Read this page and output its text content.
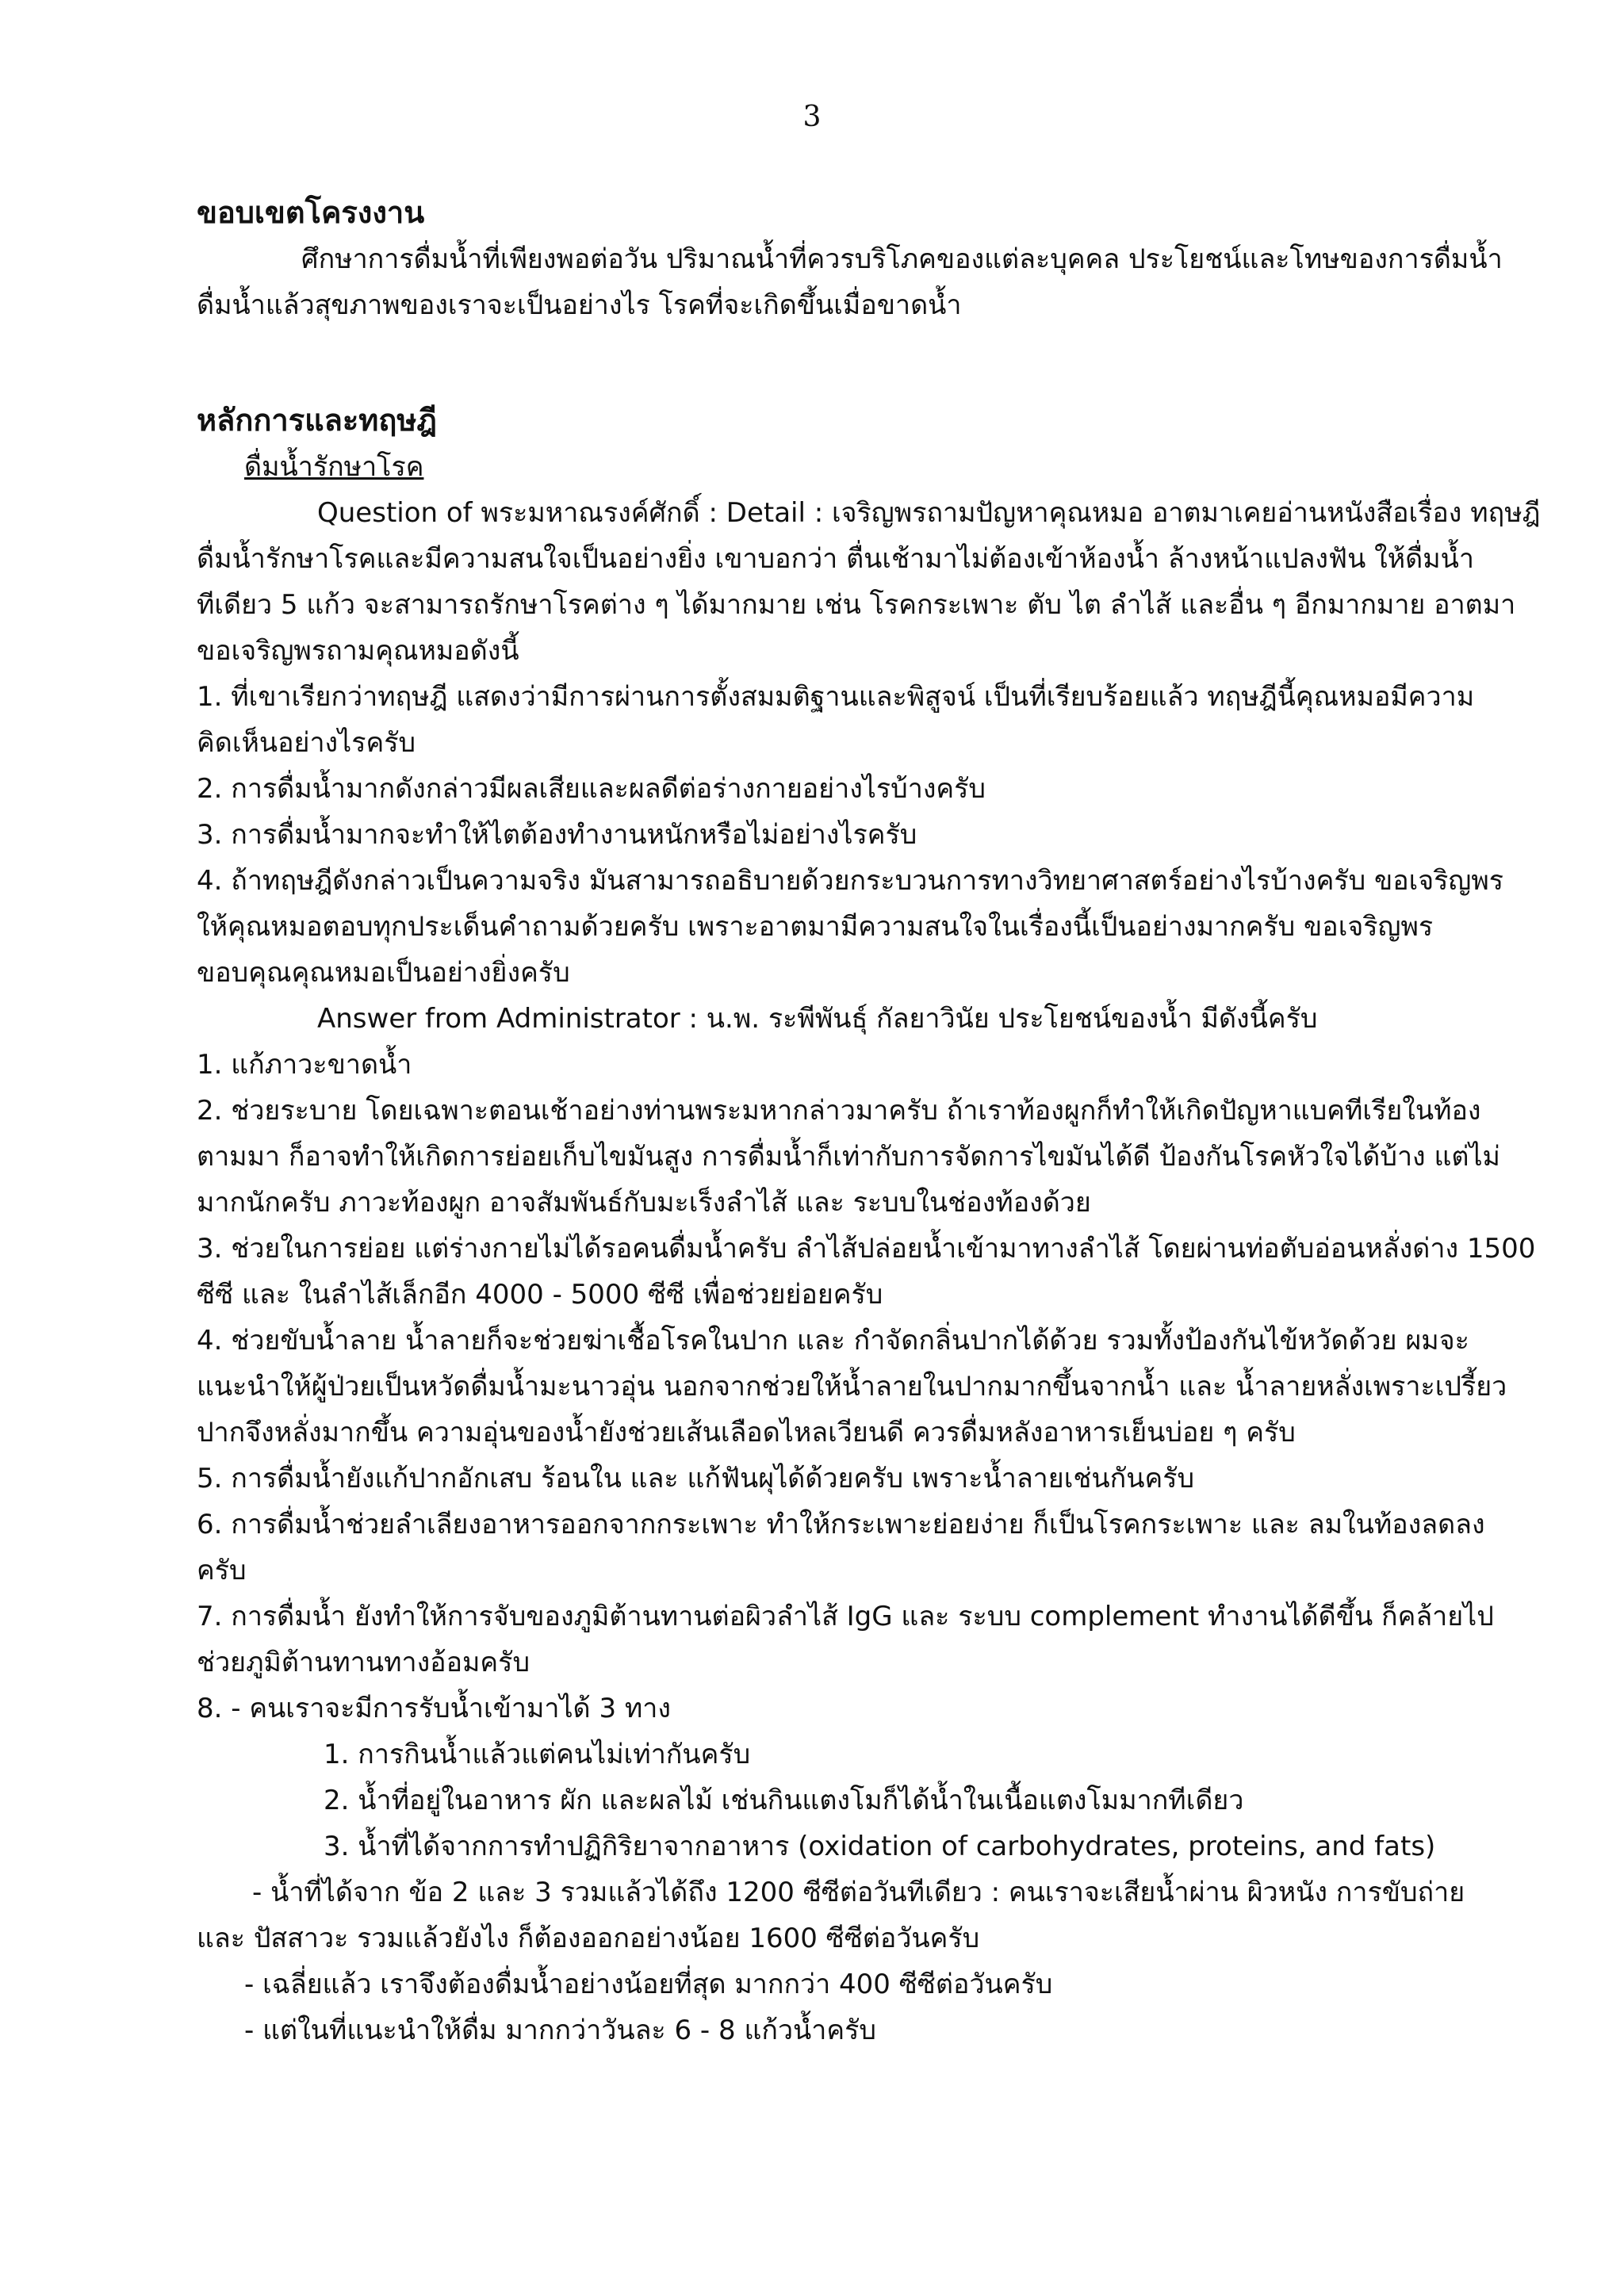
3

ขอบเขตโครงงาน

ศึกษาการดื่มน้ำที่เพียงพอต่อวัน ปริมาณน้ำที่ควรบริโภคของแต่ละบุคคล ประโยชน์และโทษของการดื่มน้ำ

ดื่มน้ำแล้วสุขภาพของเราจะเป็นอย่างไร โรคที่จะเกิดขึ้นเมื่อขาดน้ำ

หลักการและทฤษฎี

ดื่มน้ำรักษาโรค

Question of พระมหาณรงค์ศักดิ์ : Detail : เจริญพรถามปัญหาคุณหมอ อาตมาเคยอ่านหนังสือเรื่อง ทฤษฎี

ดื่มน้ำรักษาโรคและมีความสนใจเป็นอย่างยิ่ง เขาบอกว่า ตื่นเช้ามาไม่ต้องเข้าห้องน้ำ ล้างหน้าแปลงฟัน ให้ดื่มน้ำ

ทีเดียว 5 แก้ว จะสามารถรักษาโรคต่าง ๆ ได้มากมาย เช่น โรคกระเพาะ ตับ ไต ลำไส้ และอื่น ๆ อีกมากมาย อาตมา

ขอเจริญพรถามคุณหมอดังนี้

1. ที่เขาเรียกว่าทฤษฎี แสดงว่ามีการผ่านการตั้งสมมติฐานและพิสูจน์ เป็นที่เรียบร้อยแล้ว ทฤษฎีนี้คุณหมอมีความ

คิดเห็นอย่างไรครับ

2. การดื่มน้ำมากดังกล่าวมีผลเสียและผลดีต่อร่างกายอย่างไรบ้างครับ

3. การดื่มน้ำมากจะทำให้ไตต้องทำงานหนักหรือไม่อย่างไรครับ

4. ถ้าทฤษฎีดังกล่าวเป็นความจริง มันสามารถอธิบายด้วยกระบวนการทางวิทยาศาสตร์อย่างไรบ้างครับ ขอเจริญพร

ให้คุณหมอตอบทุกประเด็นคำถามด้วยครับ เพราะอาตมามีความสนใจในเรื่องนี้เป็นอย่างมากครับ ขอเจริญพร

ขอบคุณคุณหมอเป็นอย่างยิ่งครับ

Answer from Administrator : น.พ. ระพีพันธุ์ กัลยาวินัย ประโยชน์ของน้ำ มีดังนี้ครับ

1. แก้ภาวะขาดน้ำ

2. ช่วยระบาย โดยเฉพาะตอนเช้าอย่างท่านพระมหากล่าวมาครับ ถ้าเราท้องผูกก็ทำให้เกิดปัญหาแบคทีเรียในท้อง

ตามมา ก็อาจทำให้เกิดการย่อยเก็บไขมันสูง การดื่มน้ำก็เท่ากับการจัดการไขมันได้ดี ป้องกันโรคหัวใจได้บ้าง แต่ไม่

มากนักครับ ภาวะท้องผูก อาจสัมพันธ์กับมะเร็งลำไส้ และ ระบบในช่องท้องด้วย

3. ช่วยในการย่อย แต่ร่างกายไม่ได้รอคนดื่มน้ำครับ ลำไส้ปล่อยน้ำเข้ามาทางลำไส้ โดยผ่านท่อตับอ่อนหลั่งด่าง 1500

ซีซี และ ในลำไส้เล็กอีก 4000 - 5000 ซีซี เพื่อช่วยย่อยครับ

4. ช่วยขับน้ำลาย น้ำลายก็จะช่วยฆ่าเชื้อโรคในปาก และ กำจัดกลิ่นปากได้ด้วย รวมทั้งป้องกันไข้หวัดด้วย ผมจะ

แนะนำให้ผู้ป่วยเป็นหวัดดื่มน้ำมะนาวอุ่น นอกจากช่วยให้น้ำลายในปากมากขึ้นจากน้ำ และ น้ำลายหลั่งเพราะเปรี้ยว

ปากจึงหลั่งมากขึ้น ความอุ่นของน้ำยังช่วยเส้นเลือดไหลเวียนดี ควรดื่มหลังอาหารเย็นบ่อย ๆ ครับ

5. การดื่มน้ำยังแก้ปากอักเสบ ร้อนใน และ แก้ฟันผุได้ด้วยครับ เพราะน้ำลายเช่นกันครับ

6. การดื่มน้ำช่วยลำเลียงอาหารออกจากกระเพาะ ทำให้กระเพาะย่อยง่าย ก็เป็นโรคกระเพาะ และ ลมในท้องลดลง

ครับ

7. การดื่มน้ำ ยังทำให้การจับของภูมิต้านทานต่อผิวลำไส้ IgG และ ระบบ complement ทำงานได้ดีขึ้น ก็คล้ายไป

ช่วยภูมิต้านทานทางอ้อมครับ

8. - คนเราจะมีการรับน้ำเข้ามาได้ 3 ทาง

1. การกินน้ำแล้วแต่คนไม่เท่ากันครับ

2. น้ำที่อยู่ในอาหาร ผัก และผลไม้ เช่นกินแตงโมก็ได้น้ำในเนื้อแตงโมมากทีเดียว

3. น้ำที่ได้จากการทำปฏิกิริยาจากอาหาร (oxidation of carbohydrates, proteins, and fats)

- น้ำที่ได้จาก ข้อ 2 และ 3 รวมแล้วได้ถึง 1200 ซีซีต่อวันทีเดียว : คนเราจะเสียน้ำผ่าน ผิวหนัง การขับถ่าย

และ ปัสสาวะ รวมแล้วยังไง ก็ต้องออกอย่างน้อย 1600 ซีซีต่อวันครับ

- เฉลี่ยแล้ว เราจึงต้องดื่มน้ำอย่างน้อยที่สุด มากกว่า 400 ซีซีต่อวันครับ

- แต่ในที่แนะนำให้ดื่ม มากกว่าวันละ 6 - 8 แก้วน้ำครับ
